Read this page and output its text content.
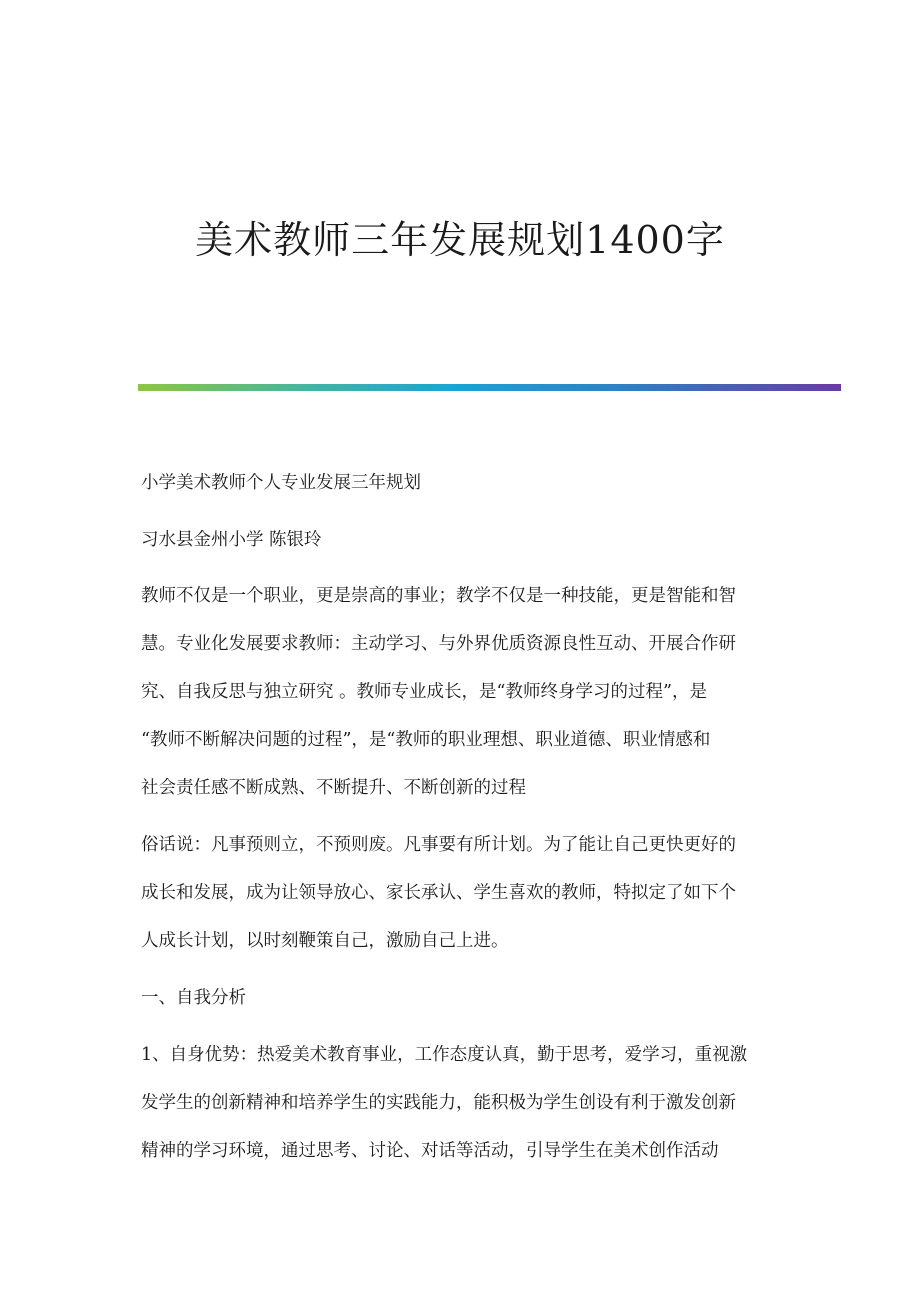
美术教师三年发展规划1400字

小学美术教师个人专业发展三年规划

习水县金州小学 陈银玲

教师不仅是一个职业，更是崇高的事业；教学不仅是一种技能，更是智能和智

慧。专业化发展要求教师：主动学习、与外界优质资源良性互动、开展合作研

究、自我反思与独立研究 。教师专业成长，是“教师终身学习的过程”，是

“教师不断解决问题的过程”，是“教师的职业理想、职业道德、职业情感和

社会责任感不断成熟、不断提升、不断创新的过程

俗话说：凡事预则立，不预则废。凡事要有所计划。为了能让自己更快更好的

成长和发展，成为让领导放心、家长承认、学生喜欢的教师，特拟定了如下个

人成长计划，以时刻鞭策自己，激励自己上进。

一、自我分析

1、自身优势：热爱美术教育事业，工作态度认真，勤于思考，爱学习，重视激

发学生的创新精神和培养学生的实践能力，能积极为学生创设有利于激发创新

精神的学习环境，通过思考、讨论、对话等活动，引导学生在美术创作活动
